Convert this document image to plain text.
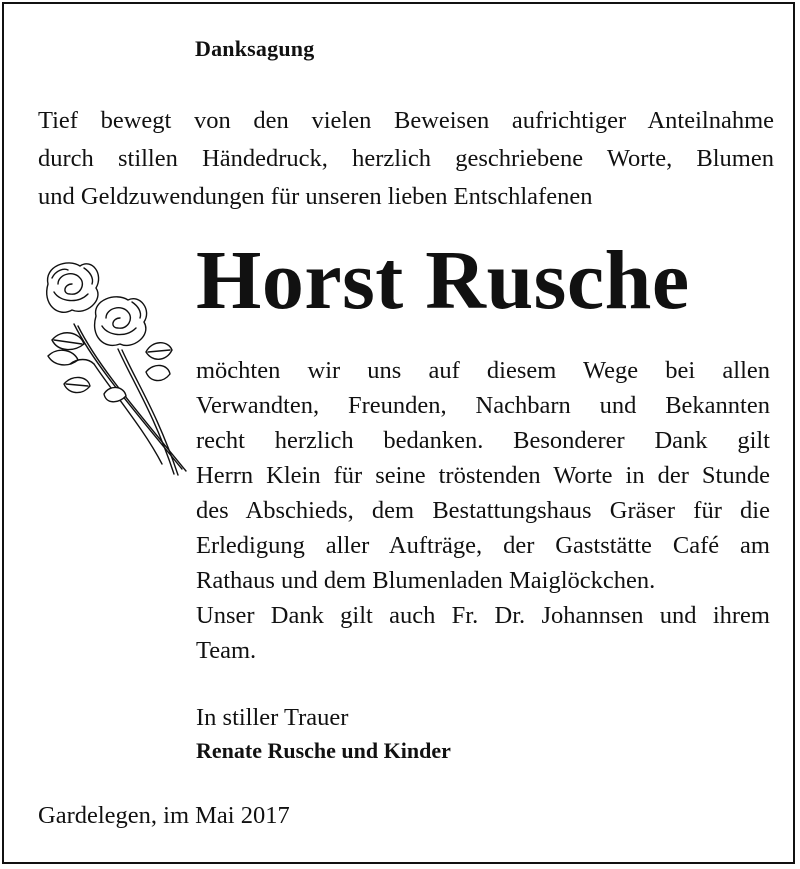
Danksagung
Tief bewegt von den vielen Beweisen aufrichtiger Anteilnahme
durch stillen Händedruck, herzlich geschriebene Worte, Blumen
und Geldzuwendungen für unseren lieben Entschlafenen
Horst Rusche
möchten wir uns auf diesem Wege bei allen
Verwandten, Freunden, Nachbarn und Bekannten
recht herzlich bedanken. Besonderer Dank gilt
Herrn Klein für seine tröstenden Worte in der Stunde
des Abschieds, dem Bestattungshaus Gräser für die
Erledigung aller Aufträge, der Gaststätte Café am
Rathaus und dem Blumenladen Maiglöckchen.
Unser Dank gilt auch Fr. Dr. Johannsen und ihrem
Team.
In stiller Trauer
Renate Rusche und Kinder
Gardelegen, im Mai 2017
